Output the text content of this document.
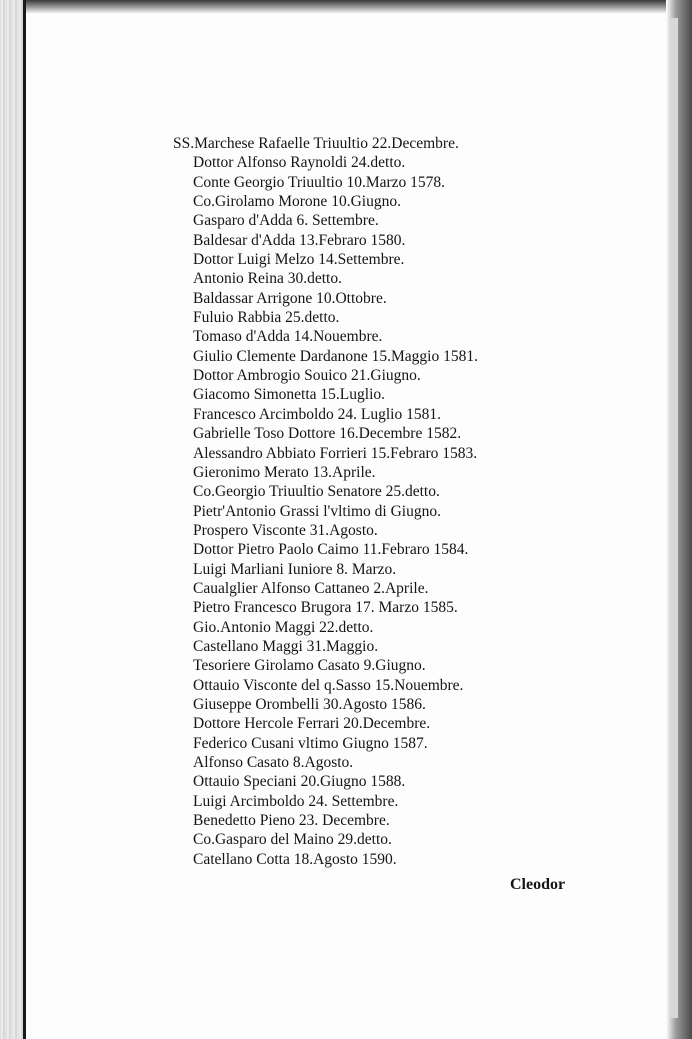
SS.Marchese Rafaelle Triuultio 22.Decembre.
Dottor Alfonso Raynoldi 24.detto.
Conte Georgio Triuultio 10.Marzo 1578.
Co.Girolamo Morone 10.Giugno.
Gasparo d'Adda 6. Settembre.
Baldesar d'Adda 13.Febraro 1580.
Dottor Luigi Melzo 14.Settembre.
Antonio Reina 30.detto.
Baldassar Arrigone 10.Ottobre.
Fuluio Rabbia 25.detto.
Tomaso d'Adda 14.Nouembre.
Giulio Clemente Dardanone 15.Maggio 1581.
Dottor Ambrogio Souico 21.Giugno.
Giacomo Simonetta 15.Luglio.
Francesco Arcimboldo 24. Luglio 1581.
Gabrielle Toso Dottore 16.Decembre 1582.
Alessandro Abbiato Forrieri 15.Febraro 1583.
Gieronimo Merato 13.Aprile.
Co.Georgio Triuultio Senatore 25.detto.
Pietr'Antonio Grassi l'vltimo di Giugno.
Prospero Visconte 31.Agosto.
Dottor Pietro Paolo Caimo 11.Febraro 1584.
Luigi Marliani Iuniore 8. Marzo.
Caualglier Alfonso Cattaneo 2.Aprile.
Pietro Francesco Brugora 17. Marzo 1585.
Gio.Antonio Maggi 22.detto.
Castellano Maggi 31.Maggio.
Tesoriere Girolamo Casato 9.Giugno.
Ottauio Visconte del q.Sasso 15.Nouembre.
Giuseppe Orombelli 30.Agosto 1586.
Dottore Hercole Ferrari 20.Decembre.
Federico Cusani vltimo Giugno 1587.
Alfonso Casato 8.Agosto.
Ottauio Speciani 20.Giugno 1588.
Luigi Arcimboldo 24. Settembre.
Benedetto Pieno 23. Decembre.
Co.Gasparo del Maino 29.detto.
Catellano Cotta 18.Agosto 1590.
Cleodor
